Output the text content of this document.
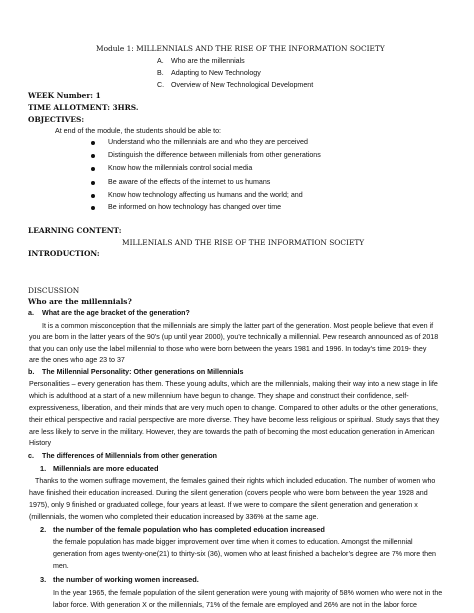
Module 1: MILLENNIALS AND THE RISE OF THE INFORMATION SOCIETY
A. Who are the millennials
B. Adapting to New Technology
C. Overview of New Technological Development
WEEK Number: 1
TIME ALLOTMENT: 3HRS.
OBJECTIVES:
At end of the module, the students should be able to:
Understand who the millennials are and who they are perceived
Distinguish the difference between millenials from other generations
Know how the millennials control social media
Be aware of the effects of the internet to us humans
Know how technology affecting us humans and the world; and
Be informed on how technology has changed over time
LEARNING CONTENT:
MILLENIALS AND THE RISE OF THE INFORMATION SOCIETY
INTRODUCTION:
DISCUSSION
Who are the millennials?
a. What are the age bracket of the generation?
It is a common misconception that the millennials are simply the latter part of the generation. Most people believe that even if
you are born in the latter years of the 90’s (up until year 2000), you’re technically a millennial. Pew research announced as of 2018
that you can only use the label millennial to those who were born between the years 1981 and 1996. In today’s time 2019- they
are the ones who age 23 to 37
b. The Millennial Personality: Other generations on Millennials
Personalities – every generation has them. These young adults, which are the millennials, making their way into a new stage in life
which is adulthood at a start of a new millennium have begun to change. They shape and construct their confidence, self-
expressiveness, liberation, and their minds that are very much open to change. Compared to other adults or the other generations,
their ethical perspective and racial perspective are more diverse. They have become less religious or spiritual. Study says that they
are less likely to serve in the military. However, they are towards the path of becoming the most education generation in American
History
c. The differences of Millennials from other generation
1. Millennials are more educated
Thanks to the women suffrage movement, the females gained their rights which included education. The number of women who
have finished their education increased. During the silent generation (covers people who were born between the year 1928 and
1975), only 9 finished or graduated college, four years at least. If we were to compare the silent generation and generation x
(millennials, the women who completed their education increased by 336% at the same age.
2. the number of the female population who has completed education increased
the female population has made bigger improvement over time when it comes to education. Amongst the millennial
generation from ages twenty-one(21) to thirty-six (36), women who at least finished a bachelor’s degree are 7% more then
men.
3. the number of working women increased.
In the year 1965, the female population of the silent generation were young with majority of 58% women who were not in the
labor force. With generation X or the millennials, 71% of the female are employed and 26% are not in the labor force
